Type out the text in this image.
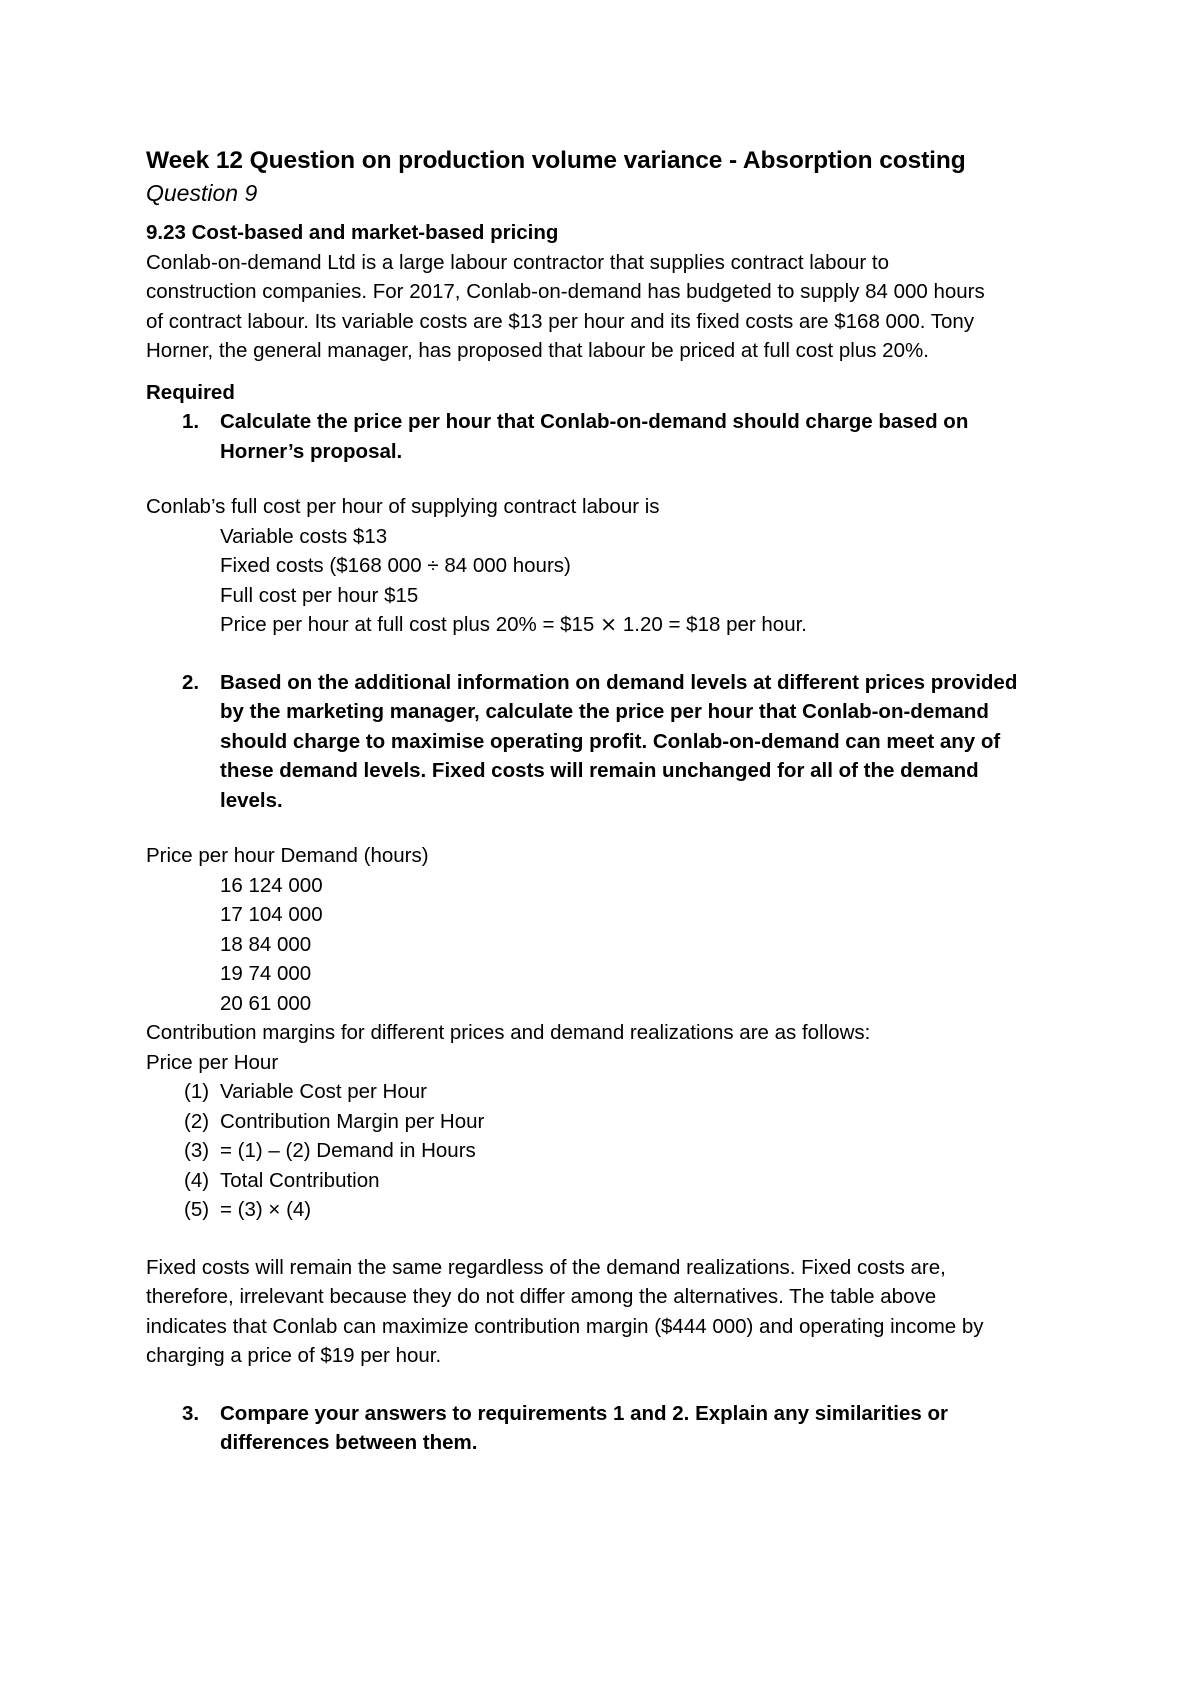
Week 12 Question on production volume variance - Absorption costing
Question 9

9.23 Cost-based and market-based pricing

Conlab-on-demand Ltd is a large labour contractor that supplies contract labour to
construction companies. For 2017, Conlab-on-demand has budgeted to supply 84 000 hours
of contract labour. Its variable costs are $13 per hour and its fixed costs are $168 000. Tony
Horner, the general manager, has proposed that labour be priced at full cost plus 20%.

Required

1. Calculate the price per hour that Conlab-on-demand should charge based on
Horner’s proposal.
Conlab’s full cost per hour of supplying contract labour is
Variable costs $13
Fixed costs ($168 000 ÷ 84 000 hours)
Full cost per hour $15
Price per hour at full cost plus 20% = $15 ⨯ 1.20 = $18 per hour.
2. Based on the additional information on demand levels at different prices provided
by the marketing manager, calculate the price per hour that Conlab-on-demand
should charge to maximise operating profit. Conlab-on-demand can meet any of
these demand levels. Fixed costs will remain unchanged for all of the demand
levels.
Price per hour Demand (hours)
16 124 000
17 104 000
18 84 000
19 74 000
20 61 000
Contribution margins for different prices and demand realizations are as follows:
Price per Hour
(1) Variable Cost per Hour
(2) Contribution Margin per Hour
(3) = (1) – (2) Demand in Hours
(4) Total Contribution
(5) = (3) × (4)
Fixed costs will remain the same regardless of the demand realizations. Fixed costs are,
therefore, irrelevant because they do not differ among the alternatives. The table above
indicates that Conlab can maximize contribution margin ($444 000) and operating income by
charging a price of $19 per hour.
3. Compare your answers to requirements 1 and 2. Explain any similarities or
differences between them.
